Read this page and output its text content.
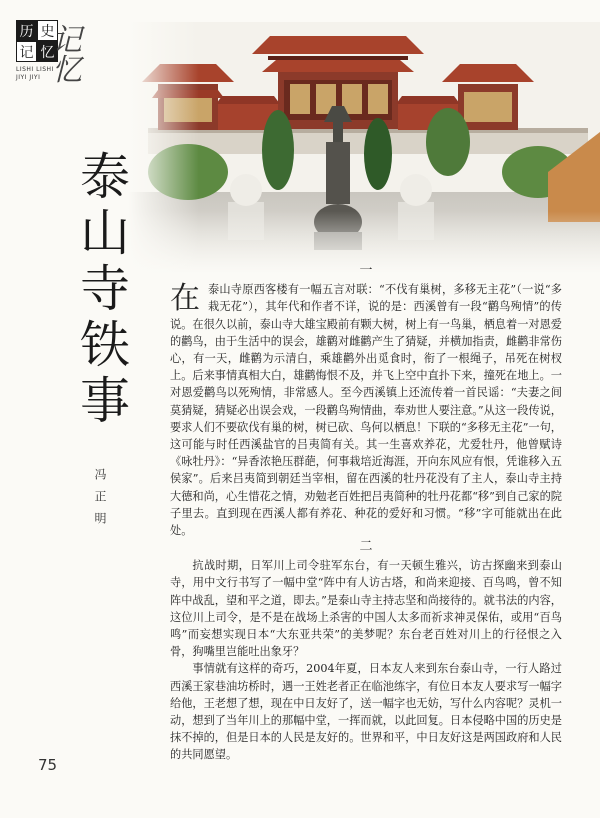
历 史
记 忆
记忆
LISHI LISHI
JIYI JIYI
泰山寺铁事
冯正明
一
在 泰山寺原西客楼有一幅五言对联：“不伐有巢树，多移无主花”（一说“多栽无花”），其年代和作者不详，说的是：西溪曾有一段“鹳鸟殉情”的传说。在很久以前，泰山寺大雄宝殿前有颗大树，树上有一鸟巢，栖息着一对恩爱的鹳鸟，由于生活中的误会，雄鹳对雌鹳产生了猜疑，并横加指责，雌鹳非常伤心，有一天，雌鹳为示清白，乘雄鹳外出觅食时，衔了一根绳子，吊死在树杈上。后来事情真相大白，雄鹳悔恨不及，并飞上空中直扑下来，撞死在地上。一对恩爱鹳鸟以死殉情，非常感人。至今西溪镇上还流传着一首民谣：“夫妻之间莫猜疑，猜疑必出误会戏，一段鹳鸟殉情曲，奉劝世人要注意。”从这一段传说，要求人们不要砍伐有巢的树，树已砍、鸟何以栖息！下联的“多移无主花”一句，这可能与时任西溪盐官的吕夷简有关。其一生喜欢养花，尤爱牡丹，他曾赋诗《咏牡丹》：“异香浓艳压群葩，何事栽培近海涯，开向东风应有恨，凭谁移入五侯家”。后来吕夷简到朝廷当宰相，留在西溪的牡丹花没有了主人，泰山寺主持大德和尚，心生惜花之情，劝勉老百姓把吕夷简种的牡丹花都“移”到自己家的院子里去。直到现在西溪人都有养花、种花的爱好和习惯。“移”字可能就出在此处。

二

抗战时期，日军川上司令驻军东台，有一天顿生雅兴，访古探幽来到泰山寺，用中文行书写了一幅中堂“阵中有人访古塔，和尚来迎接、百鸟鸣，曾不知阵中战乱，望和平之道，即去。”是泰山寺主持志坚和尚接待的。就书法的内容，这位川上司令，是不是在战场上杀害的中国人太多而祈求神灵保佑，或用“百鸟鸣”而妄想实现日本“大东亚共荣”的美梦呢？东台老百姓对川上的行径恨之入骨，狗嘴里岂能吐出象牙？

事情就有这样的奇巧，2004年夏，日本友人来到东台泰山寺，一行人路过西溪王家巷油坊桥时，遇一王姓老者正在临池练字，有位日本友人要求写一幅字给他，王老想了想，现在中日友好了，送一幅字也无妨，写什么内容呢？灵机一动，想到了当年川上的那幅中堂，一挥而就，以此回复。日本侵略中国的历史是抹不掉的，但是日本的人民是友好的。世界和平，中日友好这是两国政府和人民的共同愿望。

75
